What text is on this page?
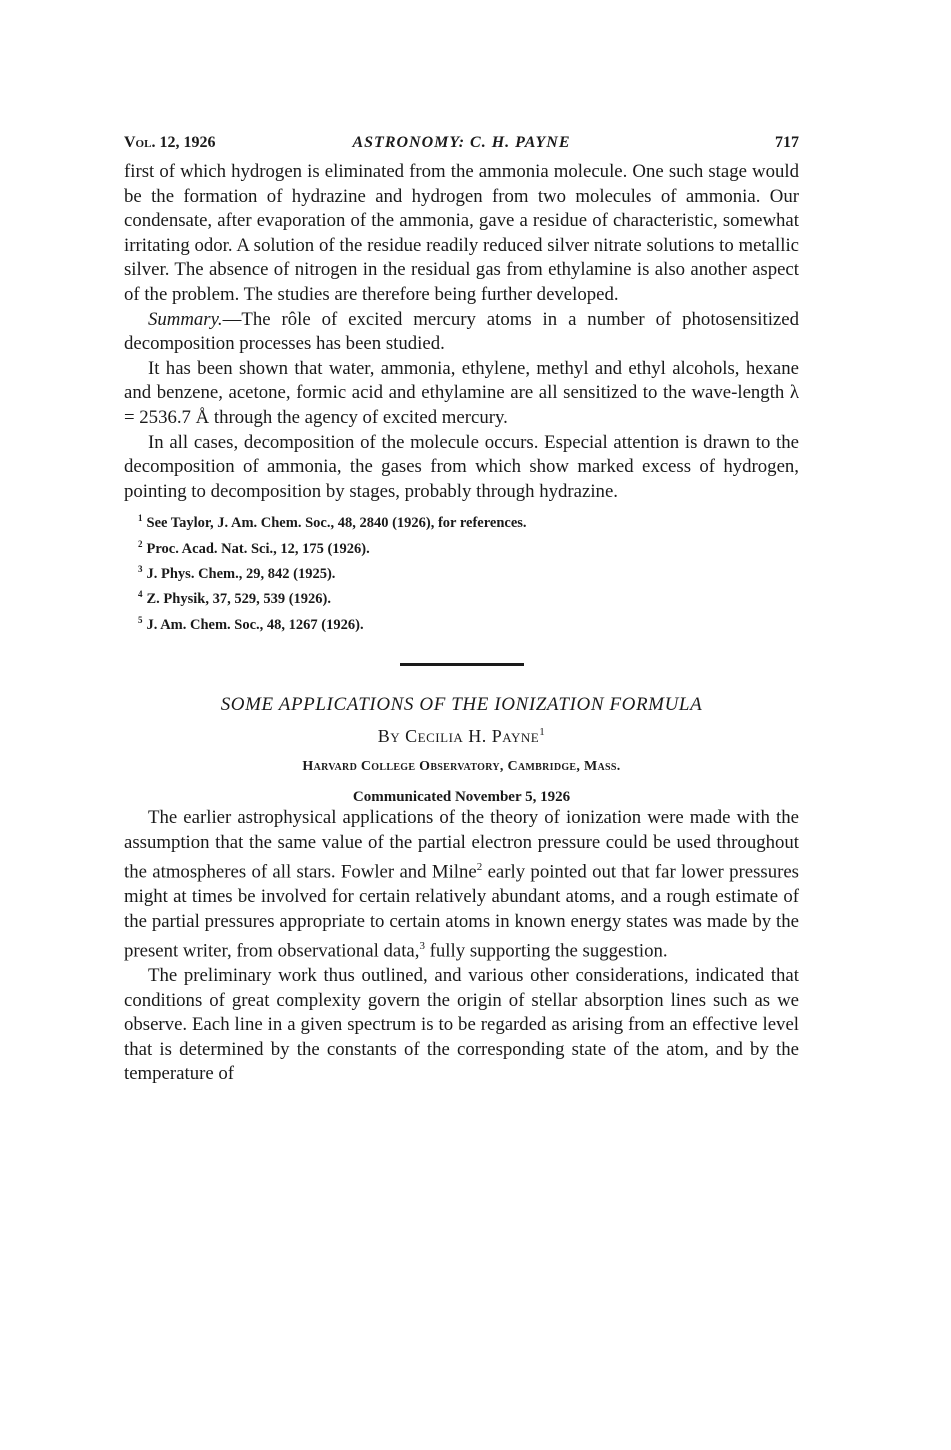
Vol. 12, 1926	ASTRONOMY: C. H. PAYNE	717

first of which hydrogen is eliminated from the ammonia molecule. One such stage would be the formation of hydrazine and hydrogen from two molecules of ammonia. Our condensate, after evaporation of the ammonia, gave a residue of characteristic, somewhat irritating odor. A solution of the residue readily reduced silver nitrate solutions to metallic silver. The absence of nitrogen in the residual gas from ethylamine is also another aspect of the problem. The studies are therefore being further developed.

Summary.—The rôle of excited mercury atoms in a number of photosensitized decomposition processes has been studied.

It has been shown that water, ammonia, ethylene, methyl and ethyl alcohols, hexane and benzene, acetone, formic acid and ethylamine are all sensitized to the wave-length λ = 2536.7 Å through the agency of excited mercury.

In all cases, decomposition of the molecule occurs. Especial attention is drawn to the decomposition of ammonia, the gases from which show marked excess of hydrogen, pointing to decomposition by stages, probably through hydrazine.

$^1$ See Taylor, J. Am. Chem. Soc., 48, 2840 (1926), for references.
$^2$ Proc. Acad. Nat. Sci., 12, 175 (1926).
$^3$ J. Phys. Chem., 29, 842 (1925).
$^4$ Z. Physik, 37, 529, 539 (1926).
$^5$ J. Am. Chem. Soc., 48, 1267 (1926).
SOME APPLICATIONS OF THE IONIZATION FORMULA
By Cecilia H. Payne$^1$
Harvard College Observatory, Cambridge, Mass.
Communicated November 5, 1926

The earlier astrophysical applications of the theory of ionization were made with the assumption that the same value of the partial electron pressure could be used throughout the atmospheres of all stars. Fowler and Milne$^2$ early pointed out that far lower pressures might at times be involved for certain relatively abundant atoms, and a rough estimate of the partial pressures appropriate to certain atoms in known energy states was made by the present writer, from observational data,$^3$ fully supporting the suggestion.

The preliminary work thus outlined, and various other considerations, indicated that conditions of great complexity govern the origin of stellar absorption lines such as we observe. Each line in a given spectrum is to be regarded as arising from an effective level that is determined by the constants of the corresponding state of the atom, and by the temperature of
